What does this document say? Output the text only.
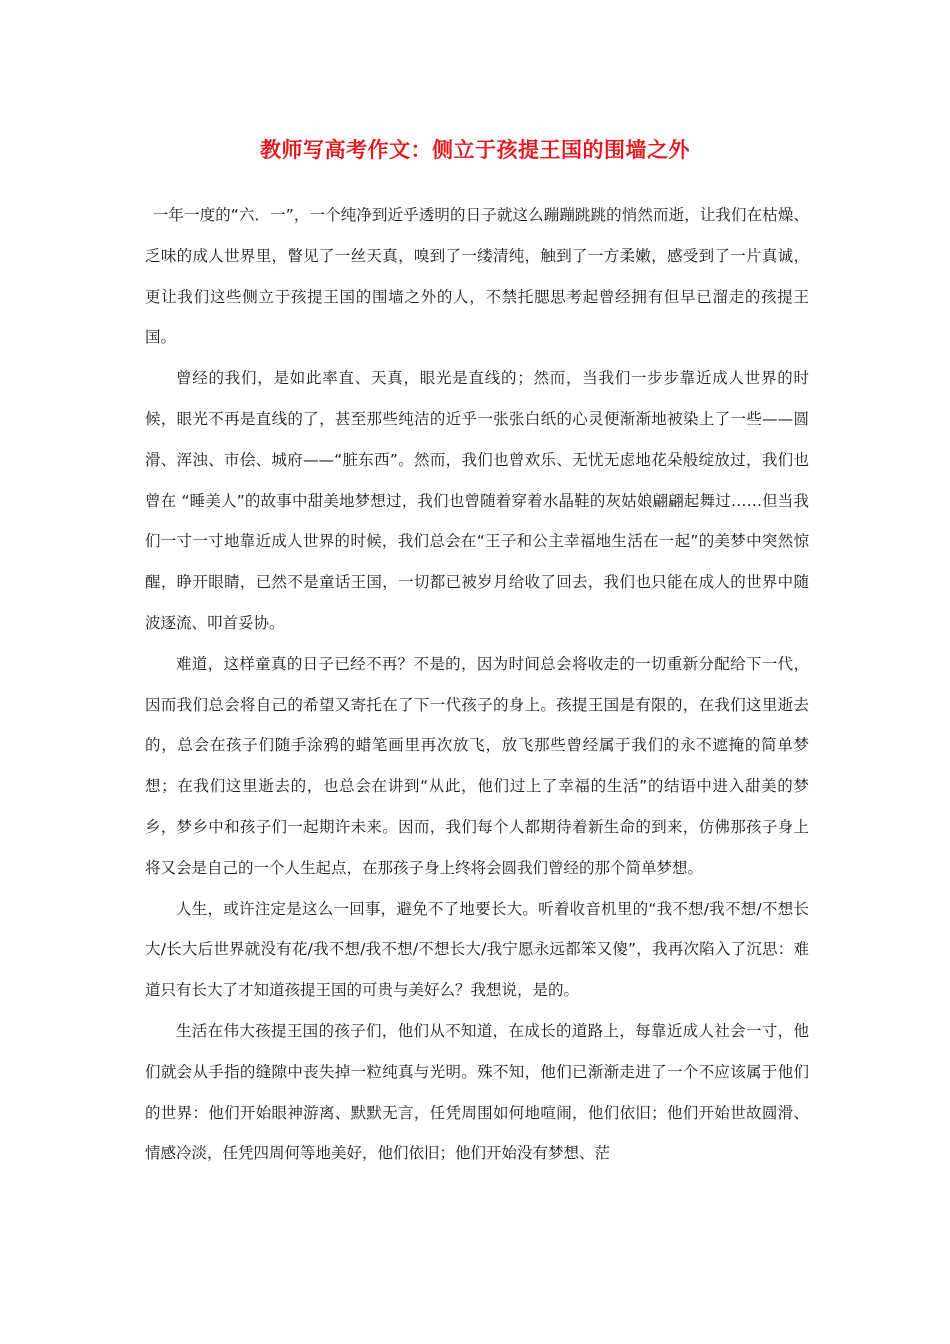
教师写高考作文：侧立于孩提王国的围墙之外

一年一度的“六．一”，一个纯净到近乎透明的日子就这么蹦蹦跳跳的悄然而逝，让我们在枯燥、乏味的成人世界里，瞥见了一丝天真，嗅到了一缕清纯，触到了一方柔嫩，感受到了一片真诚，更让我们这些侧立于孩提王国的围墙之外的人，不禁托腮思考起曾经拥有但早已溜走的孩提王国。

曾经的我们，是如此率直、天真，眼光是直线的；然而，当我们一步步靠近成人世界的时候，眼光不再是直线的了，甚至那些纯洁的近乎一张张白纸的心灵便渐渐地被染上了一些——圆滑、浑浊、市侩、城府——“脏东西”。然而，我们也曾欢乐、无忧无虑地花朵般绽放过，我们也曾在 “睡美人”的故事中甜美地梦想过，我们也曾随着穿着水晶鞋的灰姑娘翩翩起舞过……但当我们一寸一寸地靠近成人世界的时候，我们总会在“王子和公主幸福地生活在一起”的美梦中突然惊醒，睁开眼睛，已然不是童话王国，一切都已被岁月给收了回去，我们也只能在成人的世界中随波逐流、叩首妥协。

难道，这样童真的日子已经不再？不是的，因为时间总会将收走的一切重新分配给下一代，因而我们总会将自己的希望又寄托在了下一代孩子的身上。孩提王国是有限的，在我们这里逝去的，总会在孩子们随手涂鸦的蜡笔画里再次放飞，放飞那些曾经属于我们的永不遮掩的简单梦想；在我们这里逝去的，也总会在讲到“从此，他们过上了幸福的生活”的结语中进入甜美的梦乡，梦乡中和孩子们一起期许未来。因而，我们每个人都期待着新生命的到来，仿佛那孩子身上将又会是自己的一个人生起点，在那孩子身上终将会圆我们曾经的那个简单梦想。

人生，或许注定是这么一回事，避免不了地要长大。听着收音机里的“我不想/我不想/不想长大/长大后世界就没有花/我不想/我不想/不想长大/我宁愿永远都笨又傻”，我再次陷入了沉思：难道只有长大了才知道孩提王国的可贵与美好么？我想说，是的。

生活在伟大孩提王国的孩子们，他们从不知道，在成长的道路上，每靠近成人社会一寸，他们就会从手指的缝隙中丧失掉一粒纯真与光明。殊不知，他们已渐渐走进了一个不应该属于他们的世界：他们开始眼神游离、默默无言，任凭周围如何地喧闹，他们依旧；他们开始世故圆滑、情感冷淡，任凭四周何等地美好，他们依旧；他们开始没有梦想、茫
